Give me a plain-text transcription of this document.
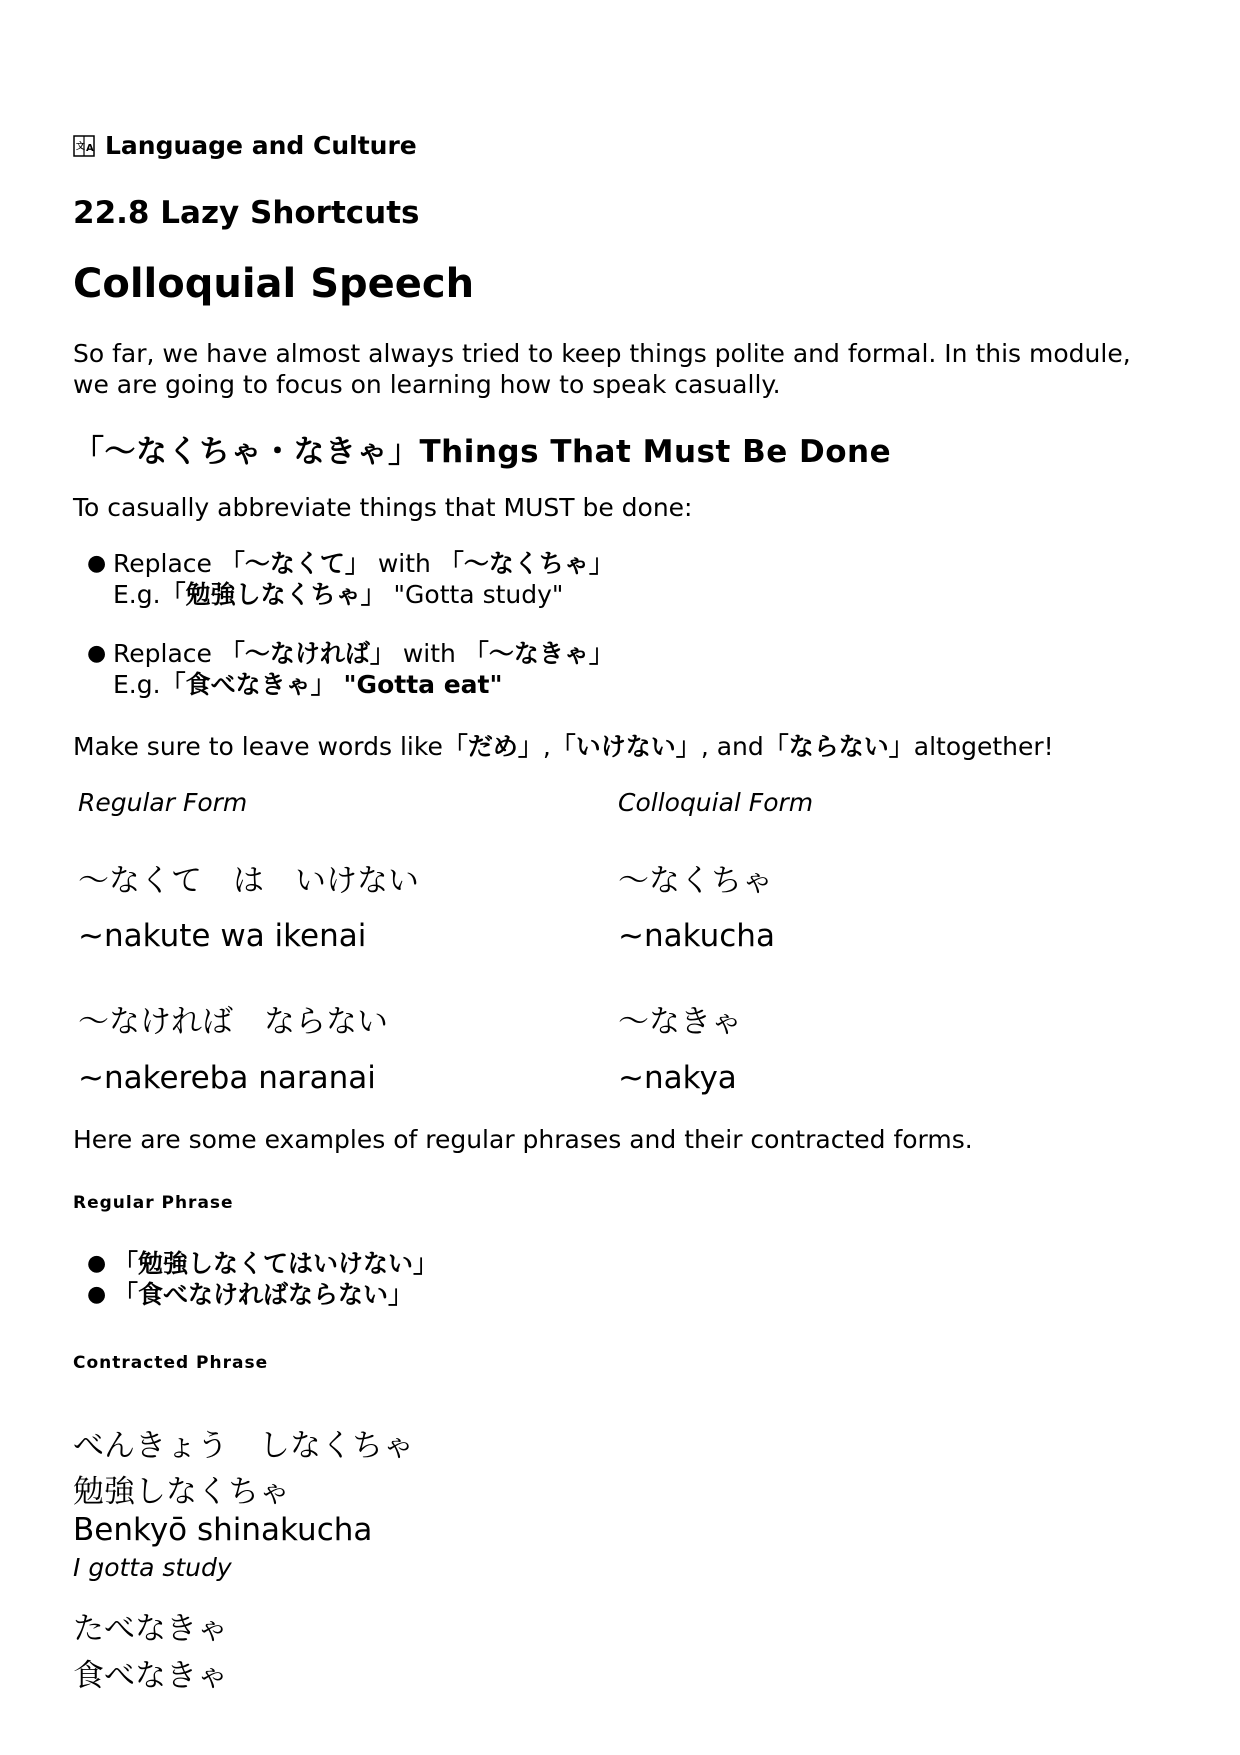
文 A Language and Culture
22.8 Lazy Shortcuts
Colloquial Speech
So far, we have almost always tried to keep things polite and formal. In this module, we are going to focus on learning how to speak casually.
「〜なくちゃ・なきゃ」Things That Must Be Done
To casually abbreviate things that MUST be done:
● Replace 「〜なくて」 with 「〜なくちゃ」
E.g.「勉強しなくちゃ」 "Gotta study"
● Replace 「〜なければ」 with 「〜なきゃ」
E.g.「食べなきゃ」 "Gotta eat"
Make sure to leave words like「だめ」,「いけない」, and「ならない」altogether!
Regular Form	Colloquial Form
〜なくて　は　いけない	〜なくちゃ
~nakute wa ikenai	~nakucha
〜なければ　ならない	〜なきゃ
~nakereba naranai	~nakya
Here are some examples of regular phrases and their contracted forms.
Regular Phrase
● 「勉強しなくてはいけない」
● 「食べなければならない」
Contracted Phrase
べんきょう　しなくちゃ
勉強しなくちゃ
Benkyō shinakucha
I gotta study
たべなきゃ
食べなきゃ
